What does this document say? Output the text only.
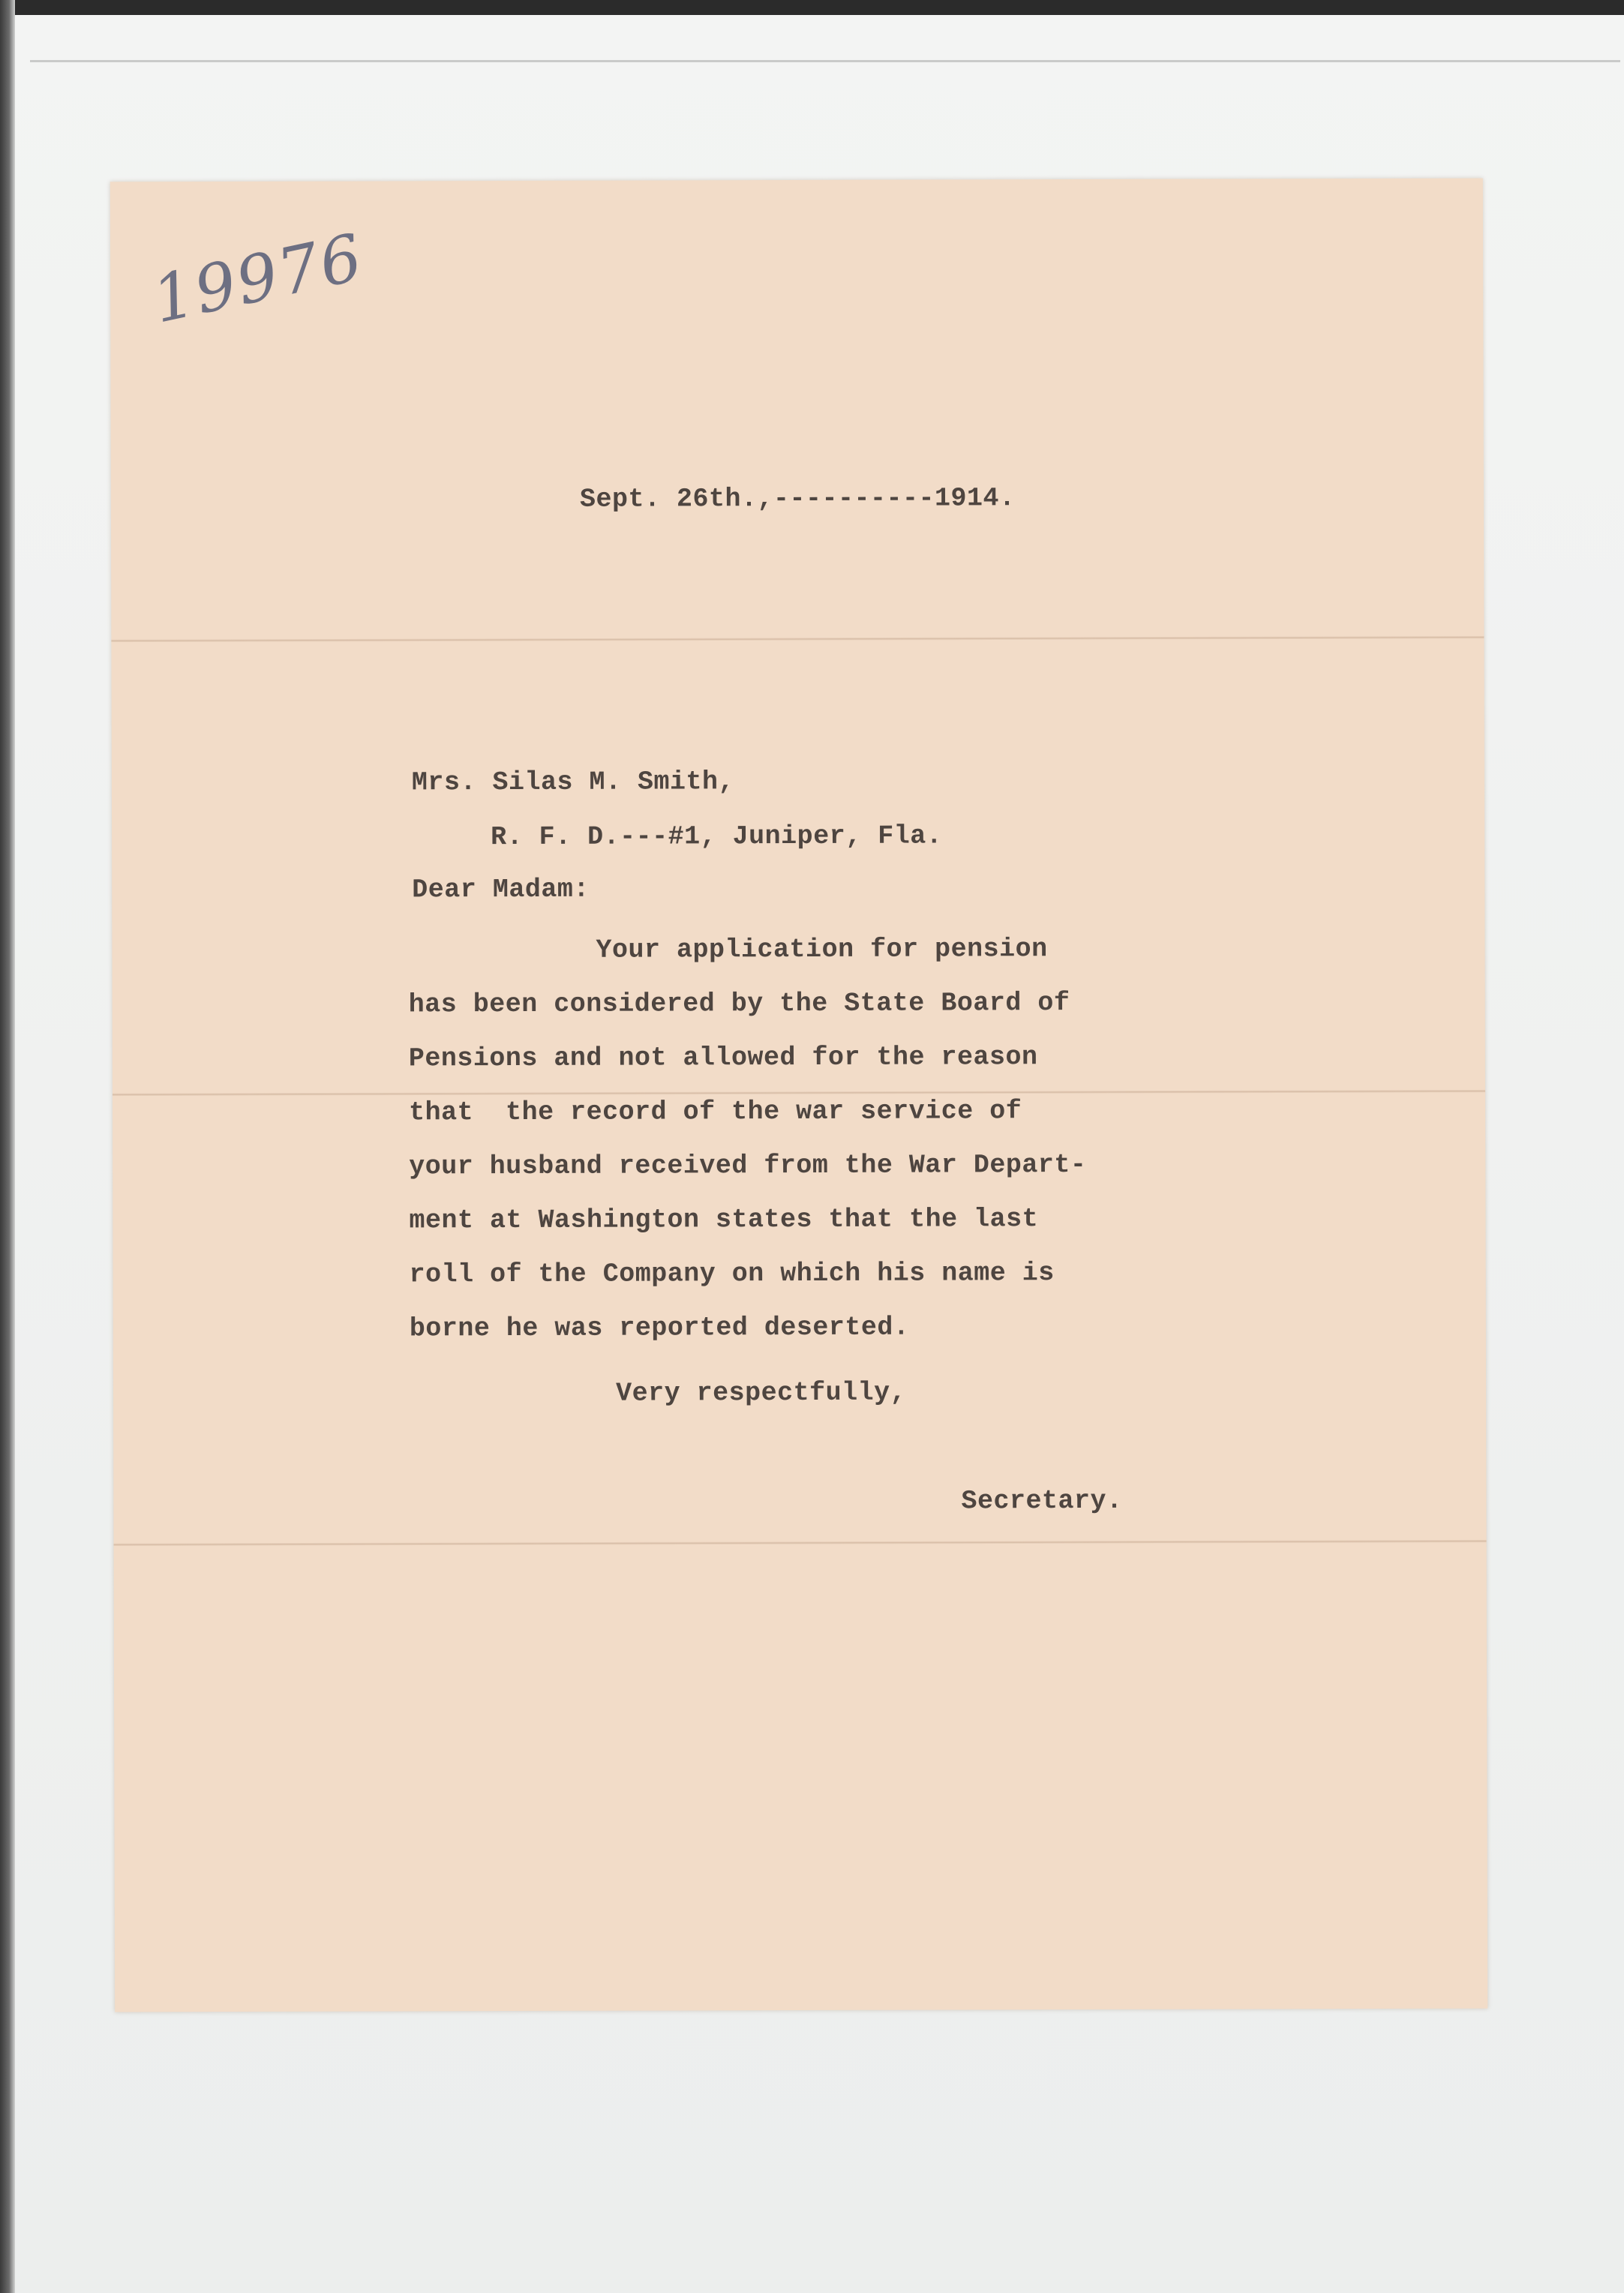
19976
Sept. 26th.,----------1914.
Mrs. Silas M. Smith,
R. F. D.---#1, Juniper, Fla.
Dear Madam:
Your application for pension
has been considered by the State Board of
Pensions and not allowed for the reason
that  the record of the war service of
your husband received from the War Depart-
ment at Washington states that the last
roll of the Company on which his name is
borne he was reported deserted.
Very respectfully,
Secretary.
